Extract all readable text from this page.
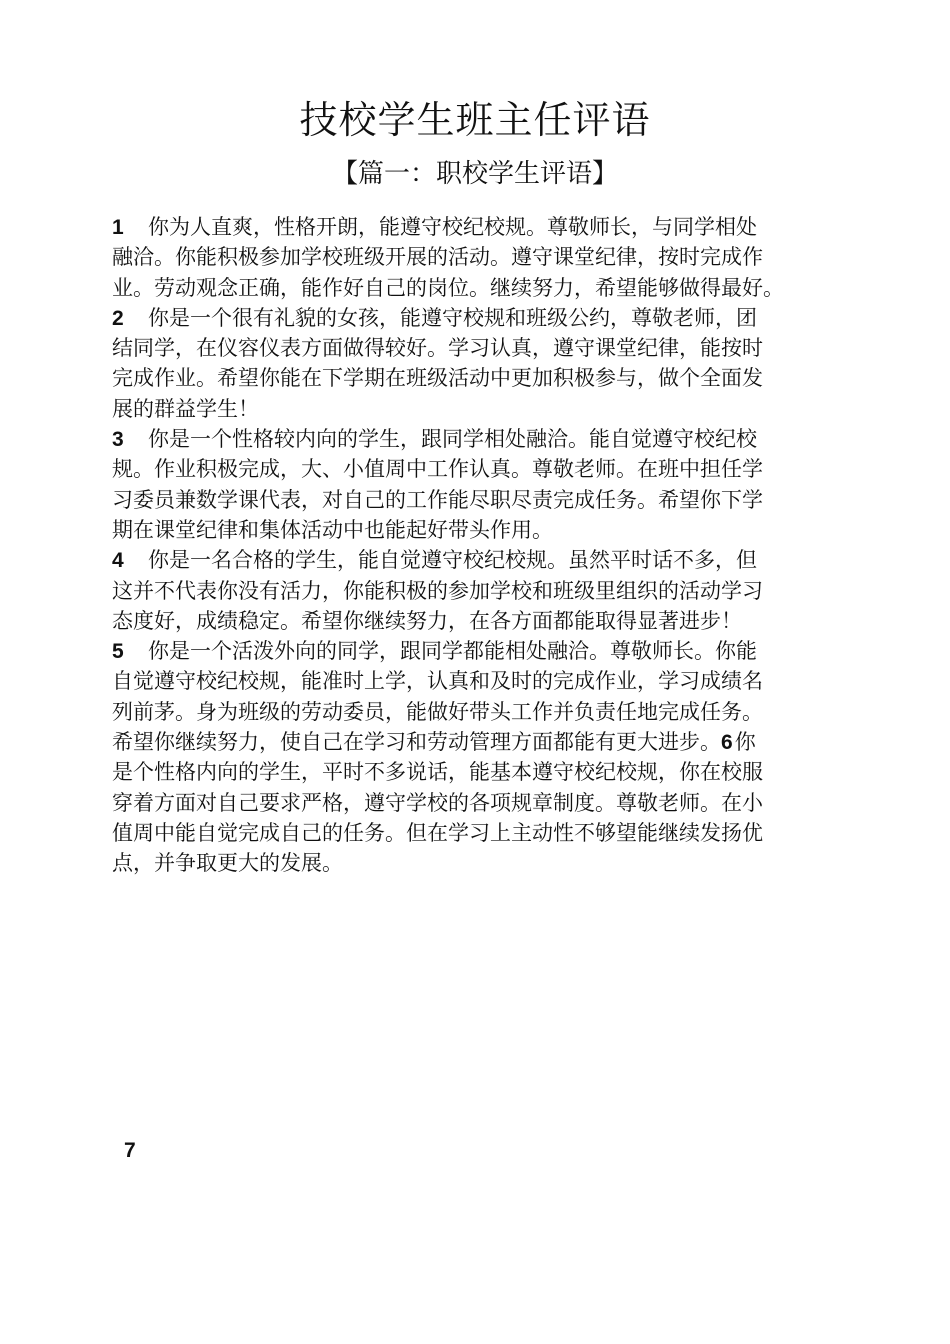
技校学生班主任评语
【篇一：职校学生评语】
1 你为人直爽，性格开朗，能遵守校纪校规。尊敬师长，与同学相处
融洽。你能积极参加学校班级开展的活动。遵守课堂纪律，按时完成作
业。劳动观念正确，能作好自己的岗位。继续努力，希望能够做得最好。
2 你是一个很有礼貌的女孩，能遵守校规和班级公约，尊敬老师，团
结同学，在仪容仪表方面做得较好。学习认真，遵守课堂纪律，能按时
完成作业。希望你能在下学期在班级活动中更加积极参与，做个全面发
展的群益学生！
3 你是一个性格较内向的学生，跟同学相处融洽。能自觉遵守校纪校
规。作业积极完成，大、小值周中工作认真。尊敬老师。在班中担任学
习委员兼数学课代表，对自己的工作能尽职尽责完成任务。希望你下学
期在课堂纪律和集体活动中也能起好带头作用。
4 你是一名合格的学生，能自觉遵守校纪校规。虽然平时话不多，但
这并不代表你没有活力，你能积极的参加学校和班级里组织的活动学习
态度好，成绩稳定。希望你继续努力，在各方面都能取得显著进步！
5 你是一个活泼外向的同学，跟同学都能相处融洽。尊敬师长。你能
自觉遵守校纪校规，能准时上学，认真和及时的完成作业，学习成绩名
列前茅。身为班级的劳动委员，能做好带头工作并负责任地完成任务。
希望你继续努力，使自己在学习和劳动管理方面都能有更大进步。6你
是个性格内向的学生，平时不多说话，能基本遵守校纪校规，你在校服
穿着方面对自己要求严格，遵守学校的各项规章制度。尊敬老师。在小
值周中能自觉完成自己的任务。但在学习上主动性不够望能继续发扬优
点，并争取更大的发展。
7
